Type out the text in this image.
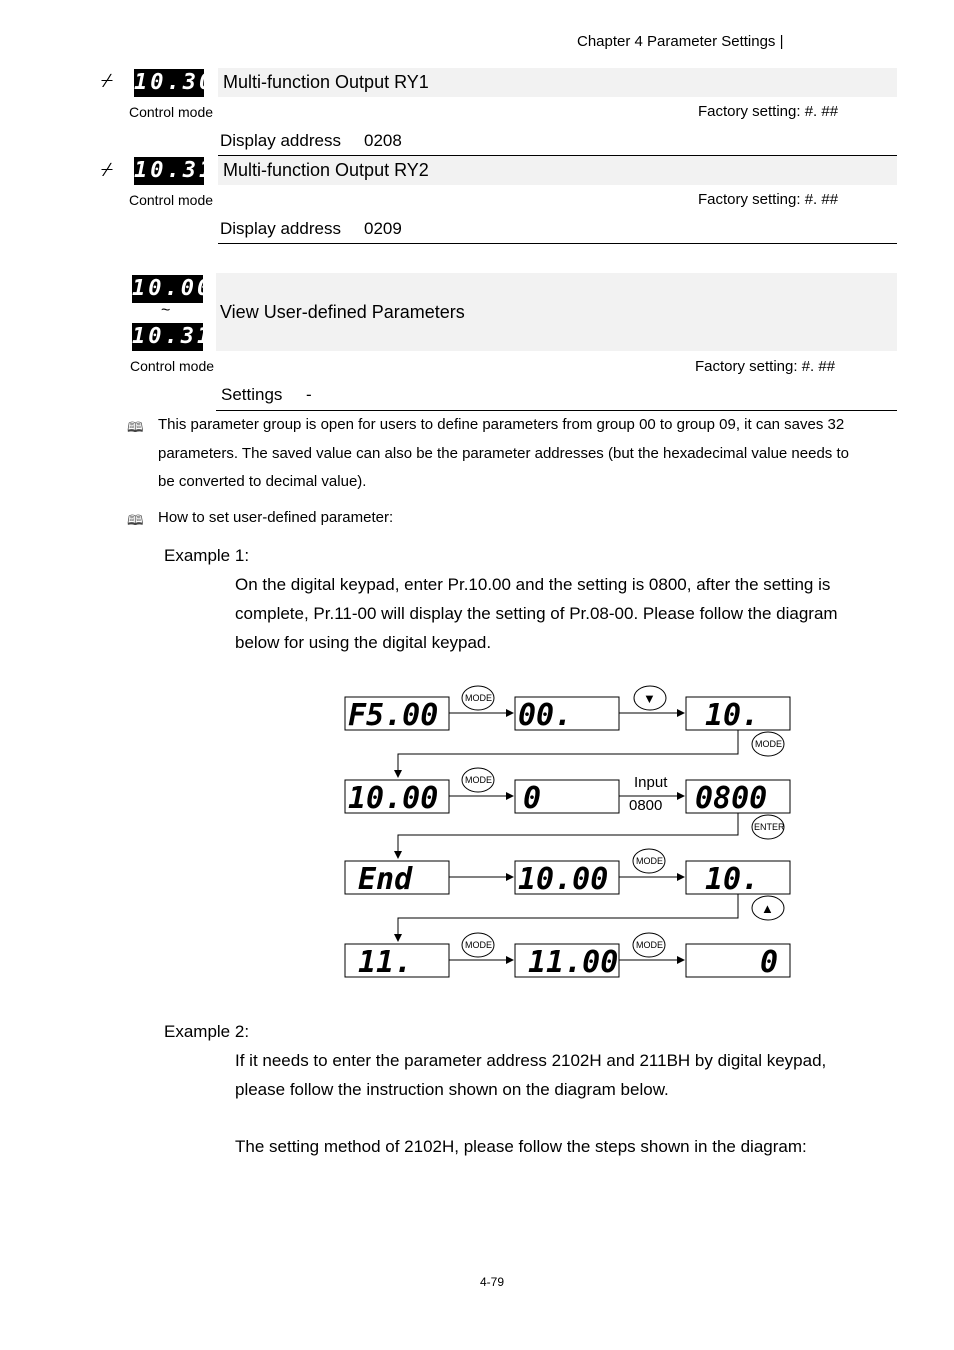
Chapter 4 Parameter Settings |
⌿ 10.30 Multi-function Output RY1
Control mode	Factory setting: #. ##
Display address 0208
⌿ 10.31 Multi-function Output RY2
Control mode	Factory setting: #. ##
Display address 0209
10.00
~
10.31
View User-defined Parameters
Control mode	Factory setting: #. ##
Settings -
🕮 This parameter group is open for users to define parameters from group 00 to group 09, it can saves 32
parameters. The saved value can also be the parameter addresses (but the hexadecimal value needs to
be converted to decimal value).
🕮 How to set user-defined parameter:
Example 1:
On the digital keypad, enter Pr.10.00 and the setting is 0800, after the setting is
complete, Pr.11-00 will display the setting of Pr.08-00. Please follow the diagram
below for using the digital keypad.
F5.00	00.	10.
MODE	▼
MODE
10.00	0	0800
MODE	Input
0800
ENTER
End	10.00	10.
MODE
▲
11.	11.00	0
MODE	MODE
Example 2:
If it needs to enter the parameter address 2102H and 211BH by digital keypad,
please follow the instruction shown on the diagram below.
The setting method of 2102H, please follow the steps shown in the diagram:
4-79
